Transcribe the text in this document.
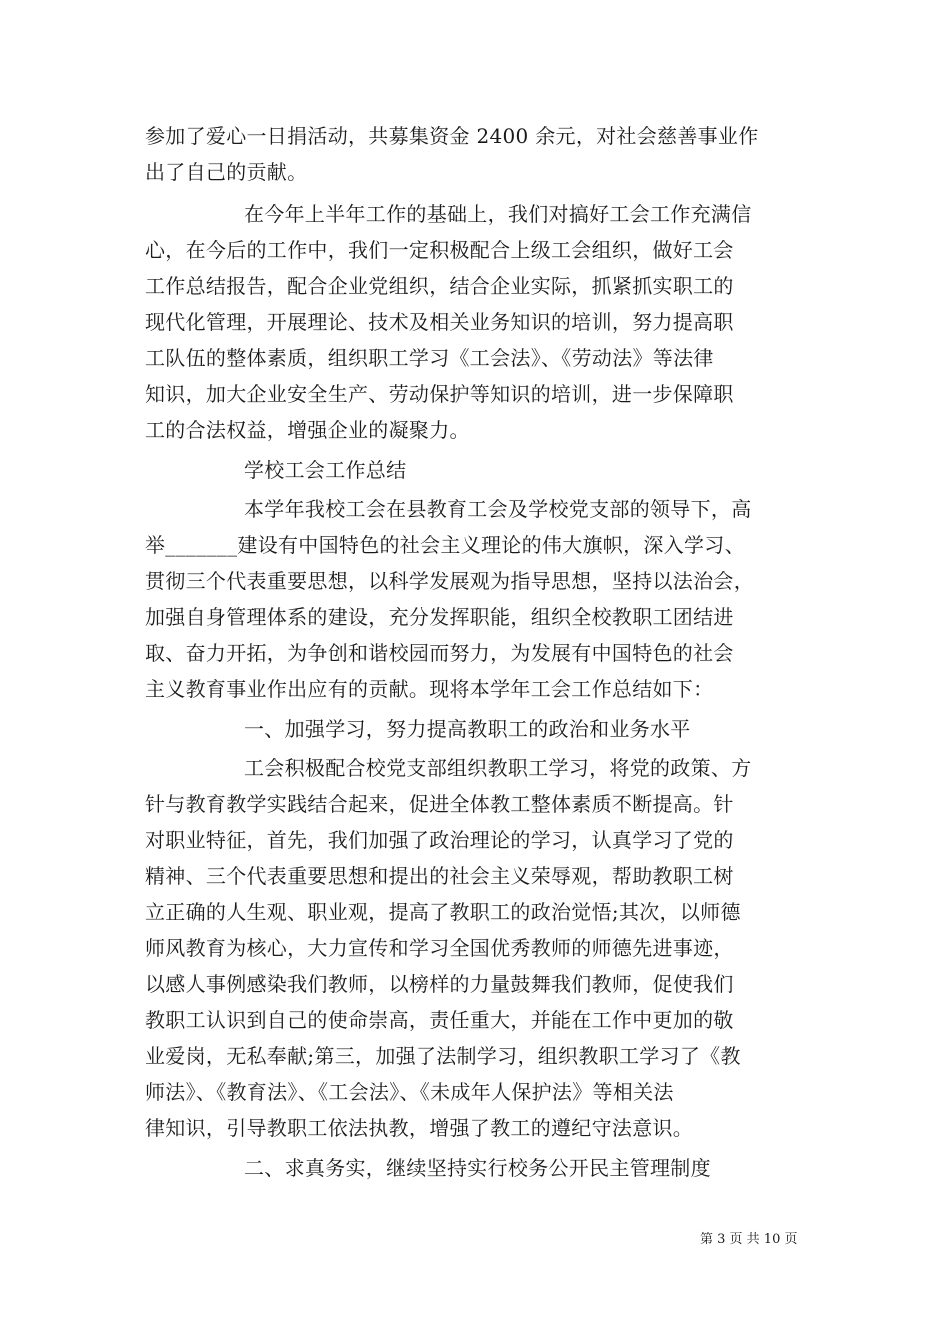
参加了爱心一日捐活动，共募集资金 2400 余元，对社会慈善事业作
出了自己的贡献。
在今年上半年工作的基础上，我们对搞好工会工作充满信
心，在今后的工作中，我们一定积极配合上级工会组织，做好工会
工作总结报告，配合企业党组织，结合企业实际，抓紧抓实职工的
现代化管理，开展理论、技术及相关业务知识的培训，努力提高职
工队伍的整体素质，组织职工学习《工会法》、《劳动法》等法律
知识，加大企业安全生产、劳动保护等知识的培训，进一步保障职
工的合法权益，增强企业的凝聚力。
学校工会工作总结
本学年我校工会在县教育工会及学校党支部的领导下，高
举_______建设有中国特色的社会主义理论的伟大旗帜，深入学习、
贯彻三个代表重要思想，以科学发展观为指导思想，坚持以法治会，
加强自身管理体系的建设，充分发挥职能，组织全校教职工团结进
取、奋力开拓，为争创和谐校园而努力，为发展有中国特色的社会
主义教育事业作出应有的贡献。现将本学年工会工作总结如下：
一、加强学习，努力提高教职工的政治和业务水平
工会积极配合校党支部组织教职工学习，将党的政策、方
针与教育教学实践结合起来，促进全体教工整体素质不断提高。针
对职业特征，首先，我们加强了政治理论的学习，认真学习了党的
精神、三个代表重要思想和提出的社会主义荣辱观，帮助教职工树
立正确的人生观、职业观，提高了教职工的政治觉悟;其次，以师德
师风教育为核心，大力宣传和学习全国优秀教师的师德先进事迹，
以感人事例感染我们教师，以榜样的力量鼓舞我们教师，促使我们
教职工认识到自己的使命崇高，责任重大，并能在工作中更加的敬
业爱岗，无私奉献;第三，加强了法制学习，组织教职工学习了《教
师法》、《教育法》、《工会法》、《未成年人保护法》等相关法
律知识，引导教职工依法执教，增强了教工的遵纪守法意识。
二、求真务实，继续坚持实行校务公开民主管理制度
第 3 页 共 10 页
